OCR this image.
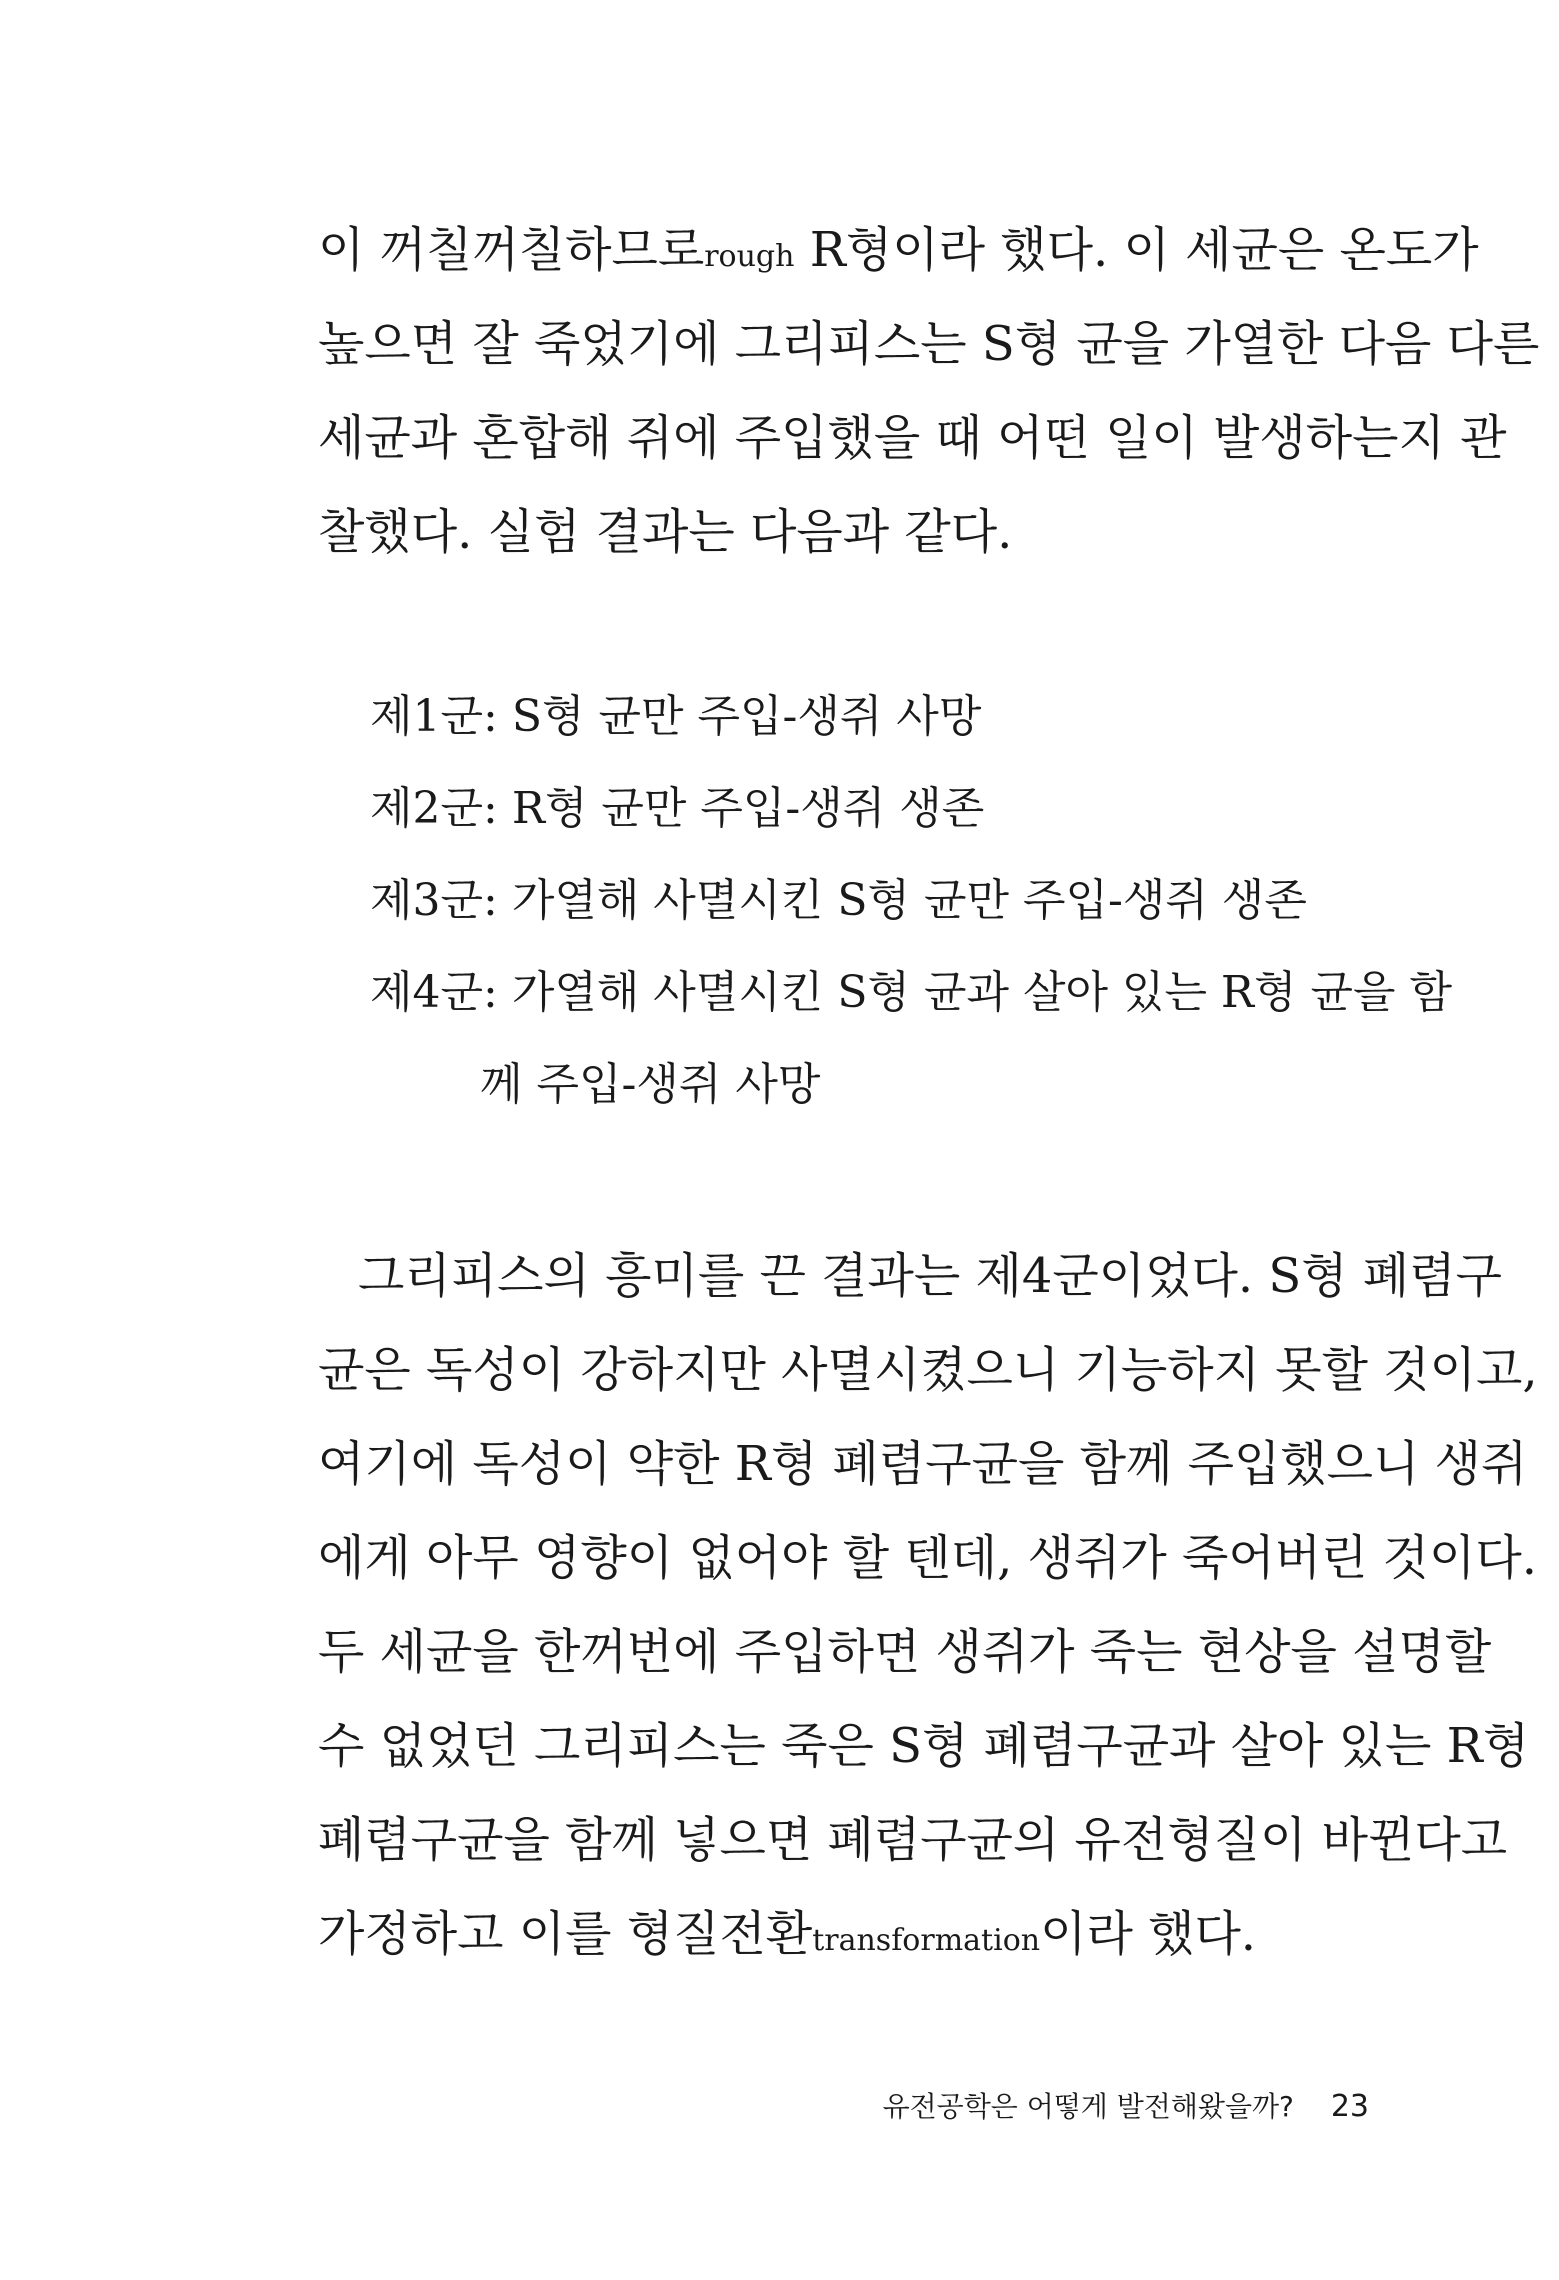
이 꺼칠꺼칠하므로rough R형이라 했다. 이 세균은 온도가
높으면 잘 죽었기에 그리피스는 S형 균을 가열한 다음 다른
세균과 혼합해 쥐에 주입했을 때 어떤 일이 발생하는지 관
찰했다. 실험 결과는 다음과 같다.
제1군: S형 균만 주입-생쥐 사망
제2군: R형 균만 주입-생쥐 생존
제3군: 가열해 사멸시킨 S형 균만 주입-생쥐 생존
제4군: 가열해 사멸시킨 S형 균과 살아 있는 R형 균을 함
께 주입-생쥐 사망
그리피스의 흥미를 끈 결과는 제4군이었다. S형 폐렴구
균은 독성이 강하지만 사멸시켰으니 기능하지 못할 것이고,
여기에 독성이 약한 R형 폐렴구균을 함께 주입했으니 생쥐
에게 아무 영향이 없어야 할 텐데, 생쥐가 죽어버린 것이다.
두 세균을 한꺼번에 주입하면 생쥐가 죽는 현상을 설명할
수 없었던 그리피스는 죽은 S형 폐렴구균과 살아 있는 R형
폐렴구균을 함께 넣으면 폐렴구균의 유전형질이 바뀐다고
가정하고 이를 형질전환transformation이라 했다.
유전공학은 어떻게 발전해왔을까? 23
